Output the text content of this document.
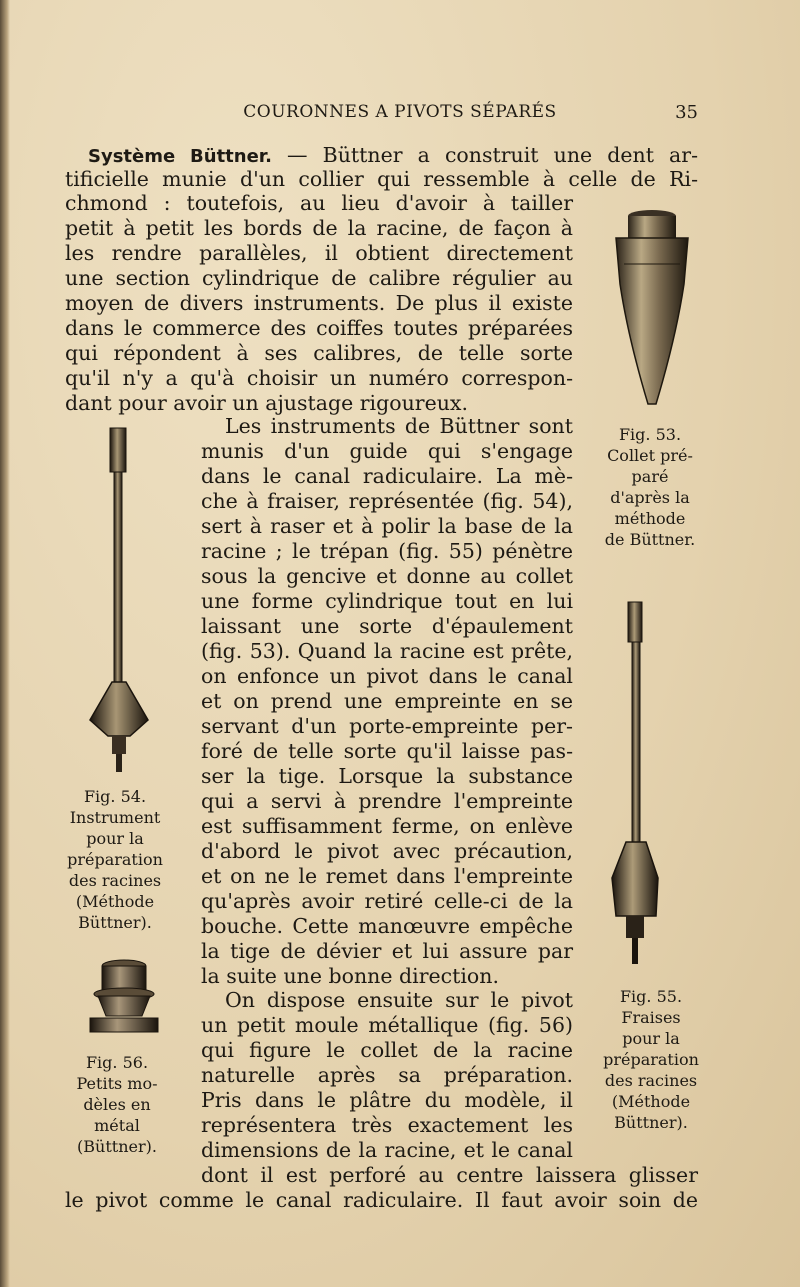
COURONNES A PIVOTS SÉPARÉS	35
Système Büttner. — Büttner a construit une dent ar-
tificielle munie d'un collier qui ressemble à celle de Ri-
chmond : toutefois, au lieu d'avoir à tailler
petit à petit les bords de la racine, de façon à
les rendre parallèles, il obtient directement
une section cylindrique de calibre régulier au
moyen de divers instruments. De plus il existe
dans le commerce des coiffes toutes préparées
qui répondent à ses calibres, de telle sorte
qu'il n'y a qu'à choisir un numéro correspon-
dant pour avoir un ajustage rigoureux.
Les instruments de Büttner sont
munis d'un guide qui s'engage
dans le canal radiculaire. La mè-
che à fraiser, représentée (fig. 54),
sert à raser et à polir la base de la
racine ; le trépan (fig. 55) pénètre
sous la gencive et donne au collet
une forme cylindrique tout en lui
laissant une sorte d'épaulement
(fig. 53). Quand la racine est prête,
on enfonce un pivot dans le canal
et on prend une empreinte en se
servant d'un porte-empreinte per-
foré de telle sorte qu'il laisse pas-
ser la tige. Lorsque la substance
qui a servi à prendre l'empreinte
est suffisamment ferme, on enlève
d'abord le pivot avec précaution,
et on ne le remet dans l'empreinte
qu'après avoir retiré celle-ci de la
bouche. Cette manœuvre empêche
la tige de dévier et lui assure par
la suite une bonne direction.
On dispose ensuite sur le pivot
un petit moule métallique (fig. 56)
qui figure le collet de la racine
naturelle après sa préparation.
Pris dans le plâtre du modèle, il
représentera très exactement les
dimensions de la racine, et le canal
dont il est perforé au centre laissera glisser
le pivot comme le canal radiculaire. Il faut avoir soin de
Fig. 53.
Collet pré-
paré
d'après la
méthode
de Büttner.
Fig. 54.
Instrument
pour la
préparation
des racines
(Méthode
Büttner).
Fig. 55.
Fraises
pour la
préparation
des racines
(Méthode
Büttner).
Fig. 56.
Petits mo-
dèles en
métal
(Büttner).
